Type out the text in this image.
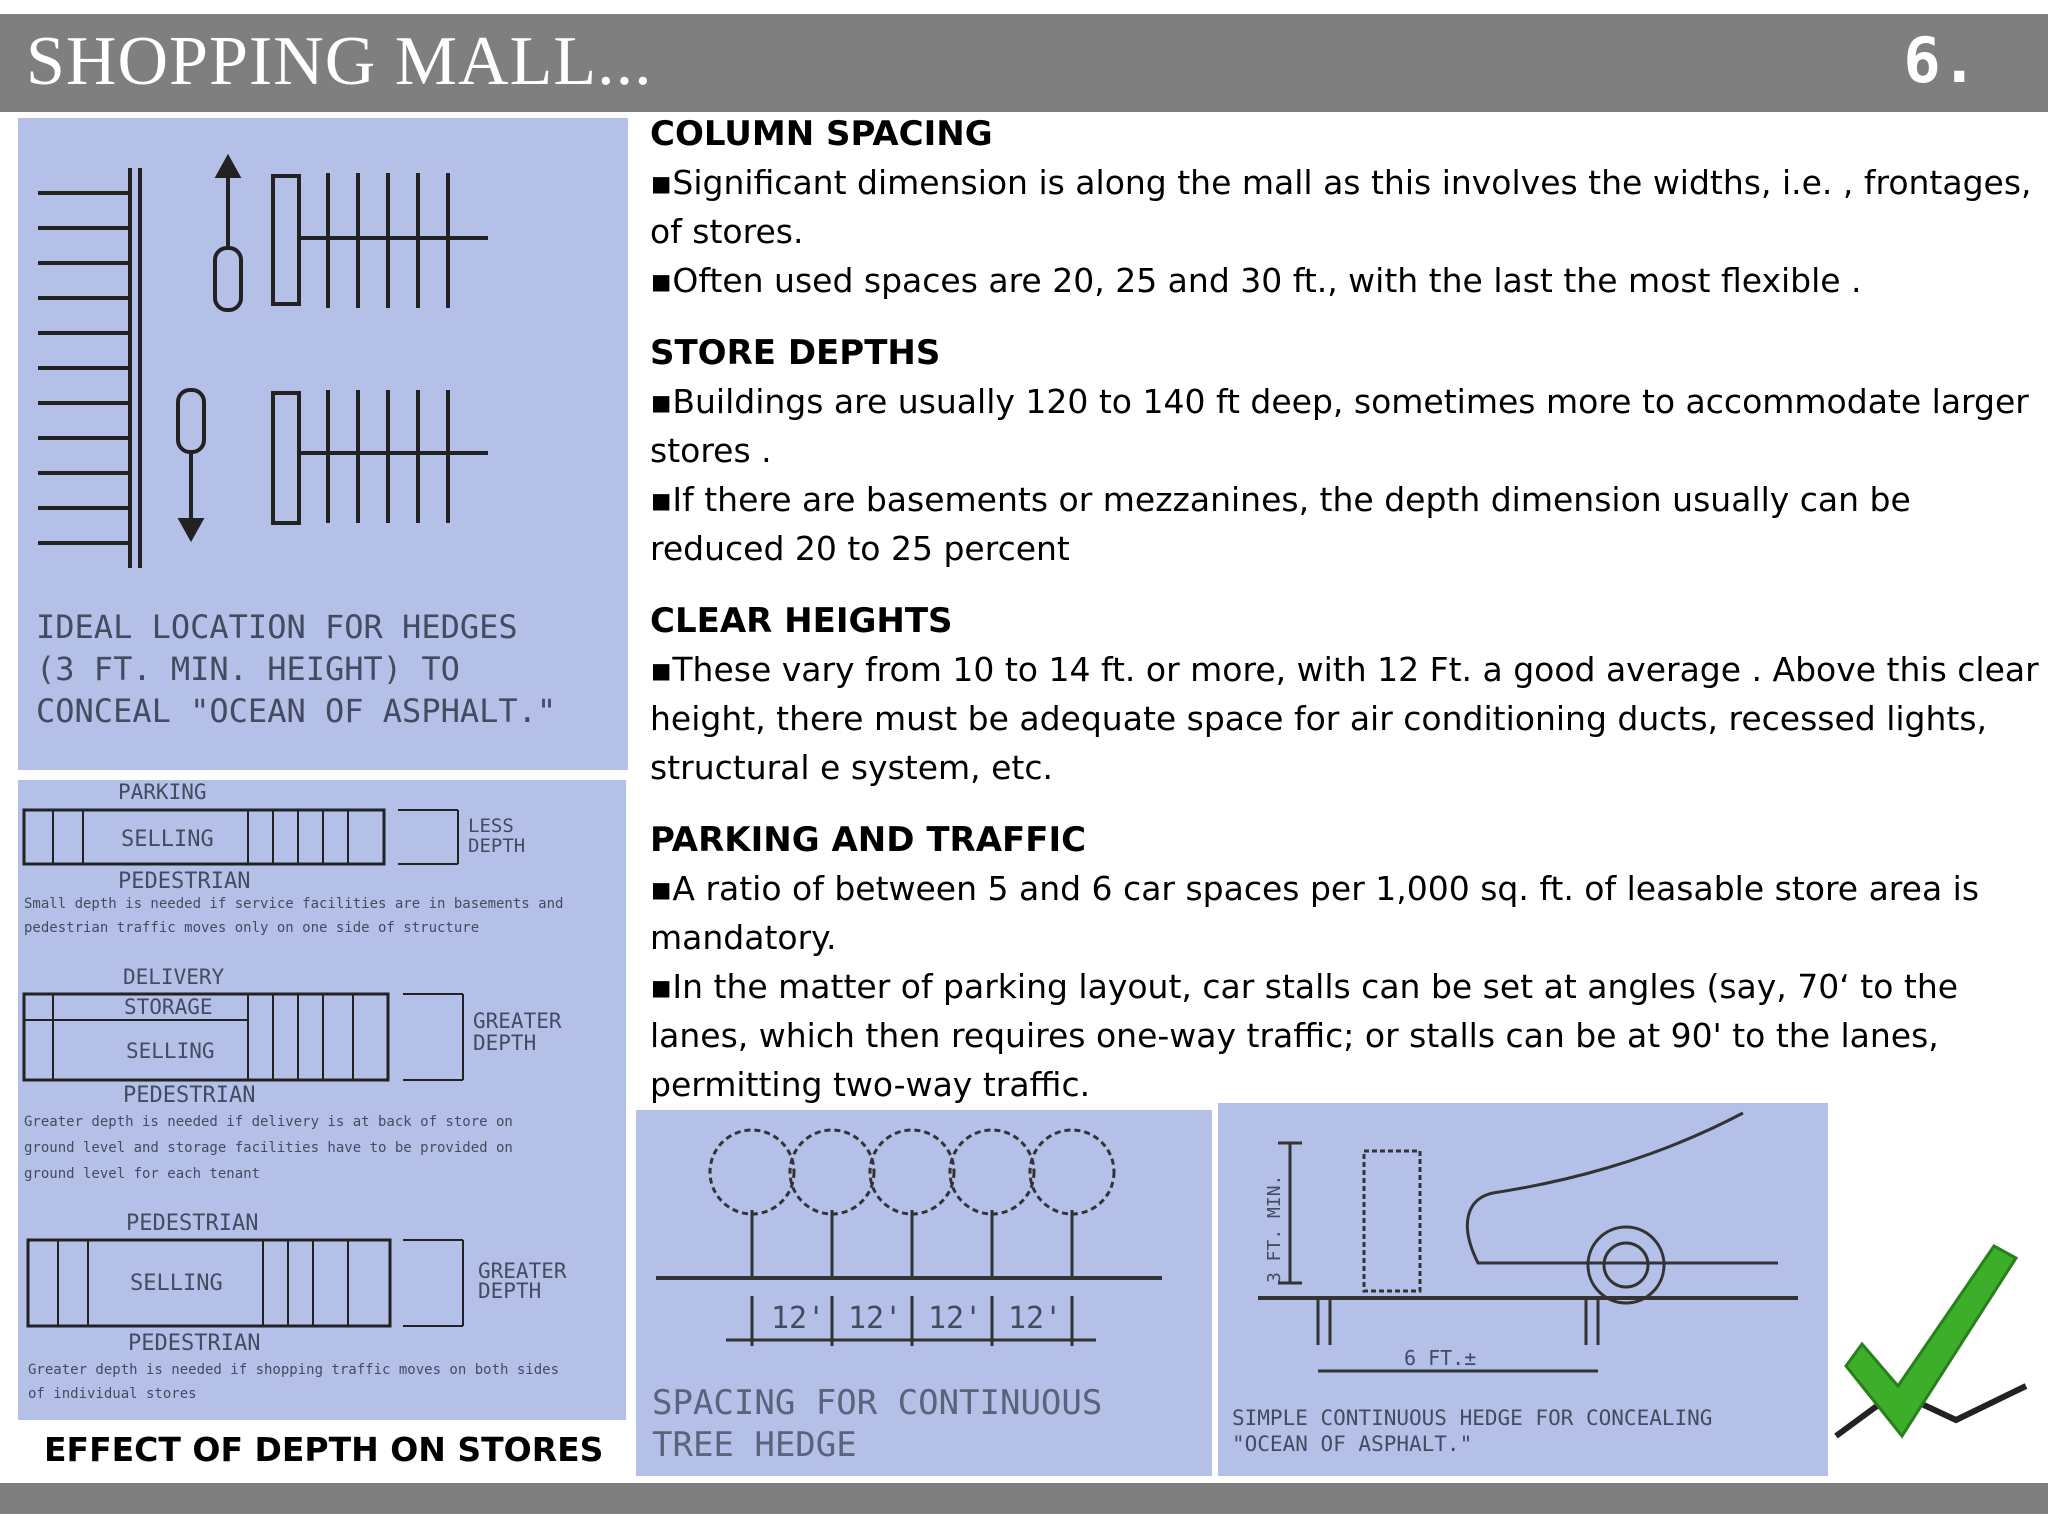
SHOPPING MALL...	6.
IDEAL LOCATION FOR HEDGES
(3 FT. MIN. HEIGHT) TO
CONCEAL "OCEAN OF ASPHALT."
PARKING
SELLING
LESS
DEPTH
PEDESTRIAN
Small depth is needed if service facilities are in basements and
pedestrian traffic moves only on one side of structure
DELIVERY
STORAGE
SELLING
GREATER
DEPTH
PEDESTRIAN
Greater depth is needed if delivery is at back of store on
ground level and storage facilities have to be provided on
ground level for each tenant
PEDESTRIAN
SELLING	GREATER
DEPTH
PEDESTRIAN
Greater depth is needed if shopping traffic moves on both sides
of individual stores
EFFECT OF DEPTH ON STORES
COLUMN SPACING
▪ Significant dimension is along the mall as this involves the widths, i.e. , frontages, of stores.
▪ Often used spaces are 20, 25 and 30 ft., with the last the most flexible .
STORE DEPTHS
▪ Buildings are usually 120 to 140 ft deep, sometimes more to accommodate larger stores .
▪ If there are basements or mezzanines, the depth dimension usually can be reduced 20 to 25 percent
CLEAR HEIGHTS
▪ These vary from 10 to 14 ft. or more, with 12 Ft. a good average . Above this clear height, there must be adequate space for air conditioning ducts, recessed lights, structural e system, etc.
PARKING AND TRAFFIC
▪ A ratio of between 5 and 6 car spaces per 1,000 sq. ft. of leasable store area is mandatory.
▪ In the matter of parking layout, car stalls can be set at angles (say, 70‘ to the lanes, which then requires one-way traffic; or stalls can be at 90' to the lanes, permitting two-way traffic.
12' 12' 12' 12'
SPACING FOR CONTINUOUS
TREE HEDGE
3 FT. MIN.
6 FT.±
SIMPLE CONTINUOUS HEDGE FOR CONCEALING
"OCEAN OF ASPHALT."
